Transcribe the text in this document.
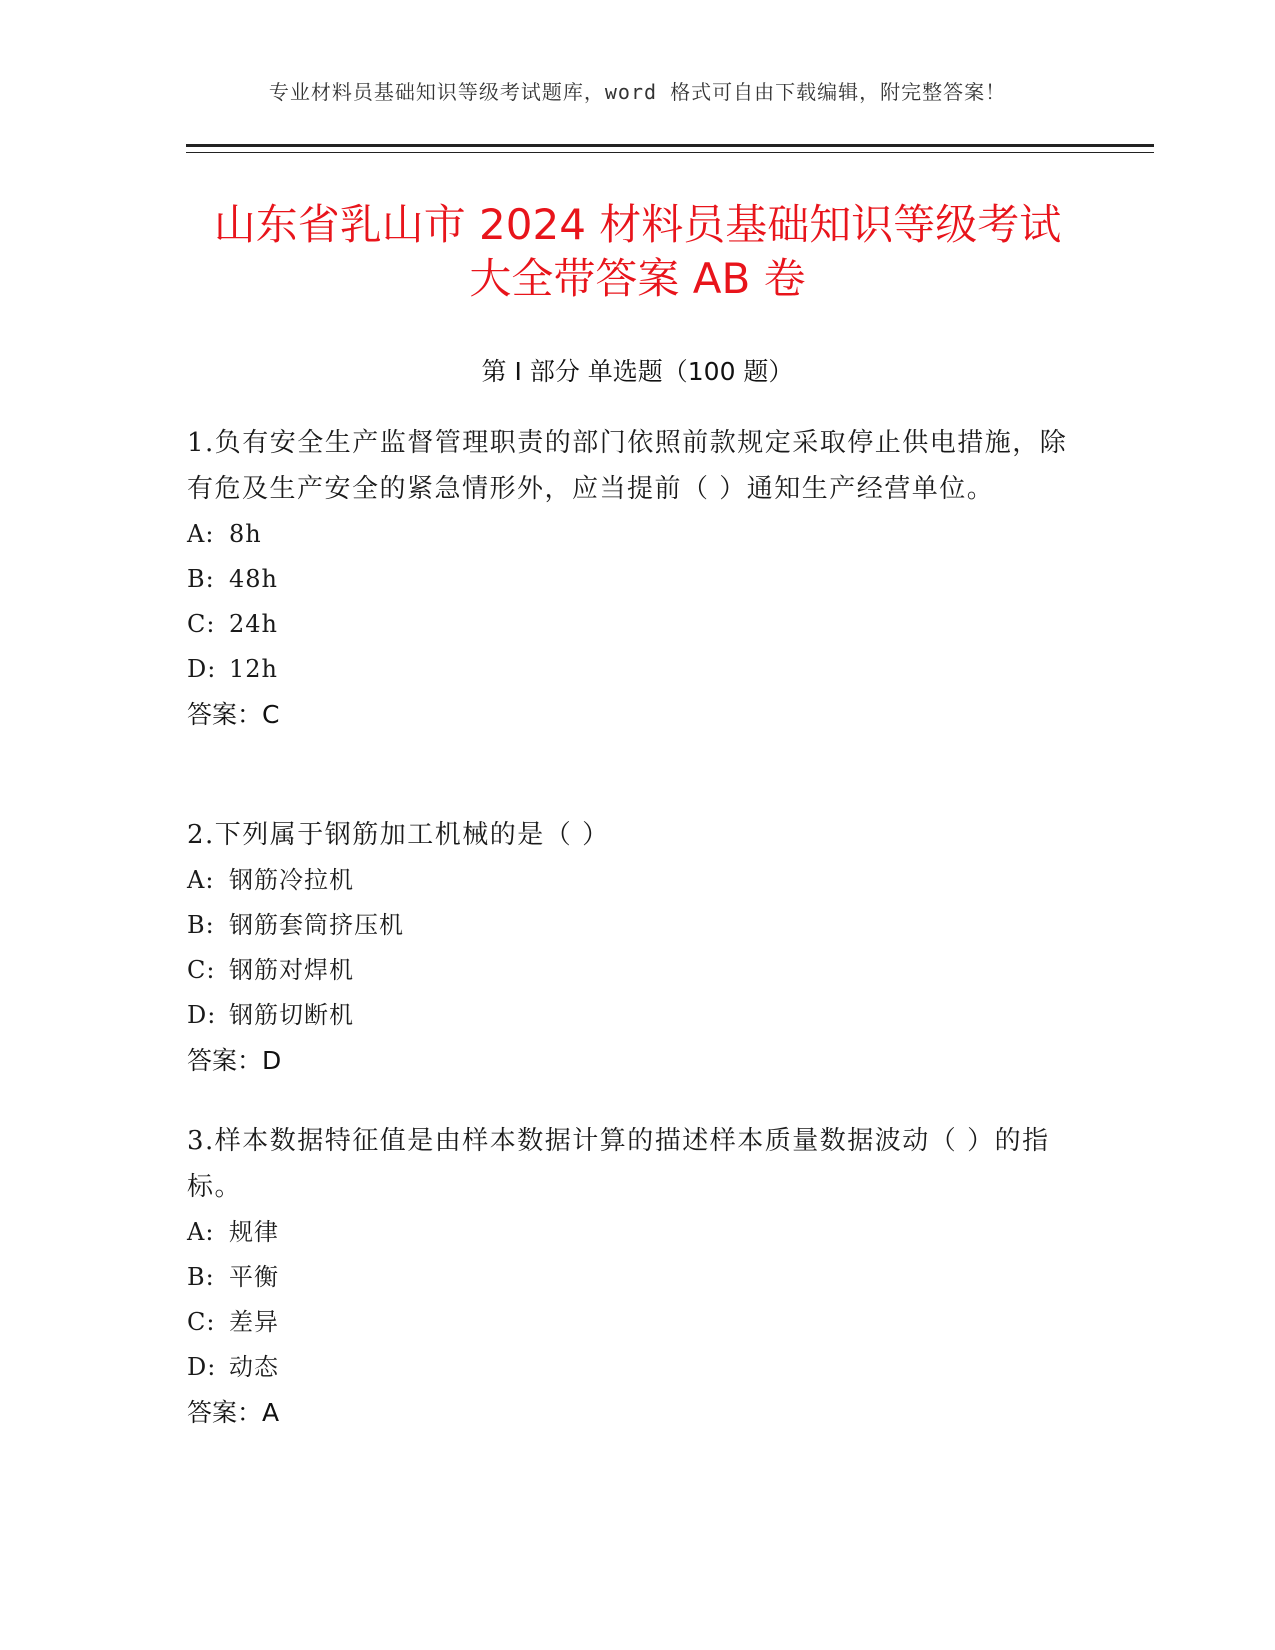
专业材料员基础知识等级考试题库，word 格式可自由下载编辑，附完整答案！
山东省乳山市 2024 材料员基础知识等级考试
大全带答案 AB 卷
第 I 部分 单选题（100 题）

1.负有安全生产监督管理职责的部门依照前款规定采取停止供电措施，除有危及生产安全的紧急情形外，应当提前（ ）通知生产经营单位。

A: 8h
B: 48h
C: 24h
D: 12h
答案：C

2.下列属于钢筋加工机械的是（ ）

A: 钢筋冷拉机
B: 钢筋套筒挤压机
C: 钢筋对焊机
D: 钢筋切断机
答案：D

3.样本数据特征值是由样本数据计算的描述样本质量数据波动（ ）的指标。

A: 规律
B: 平衡
C: 差异
D: 动态
答案：A
